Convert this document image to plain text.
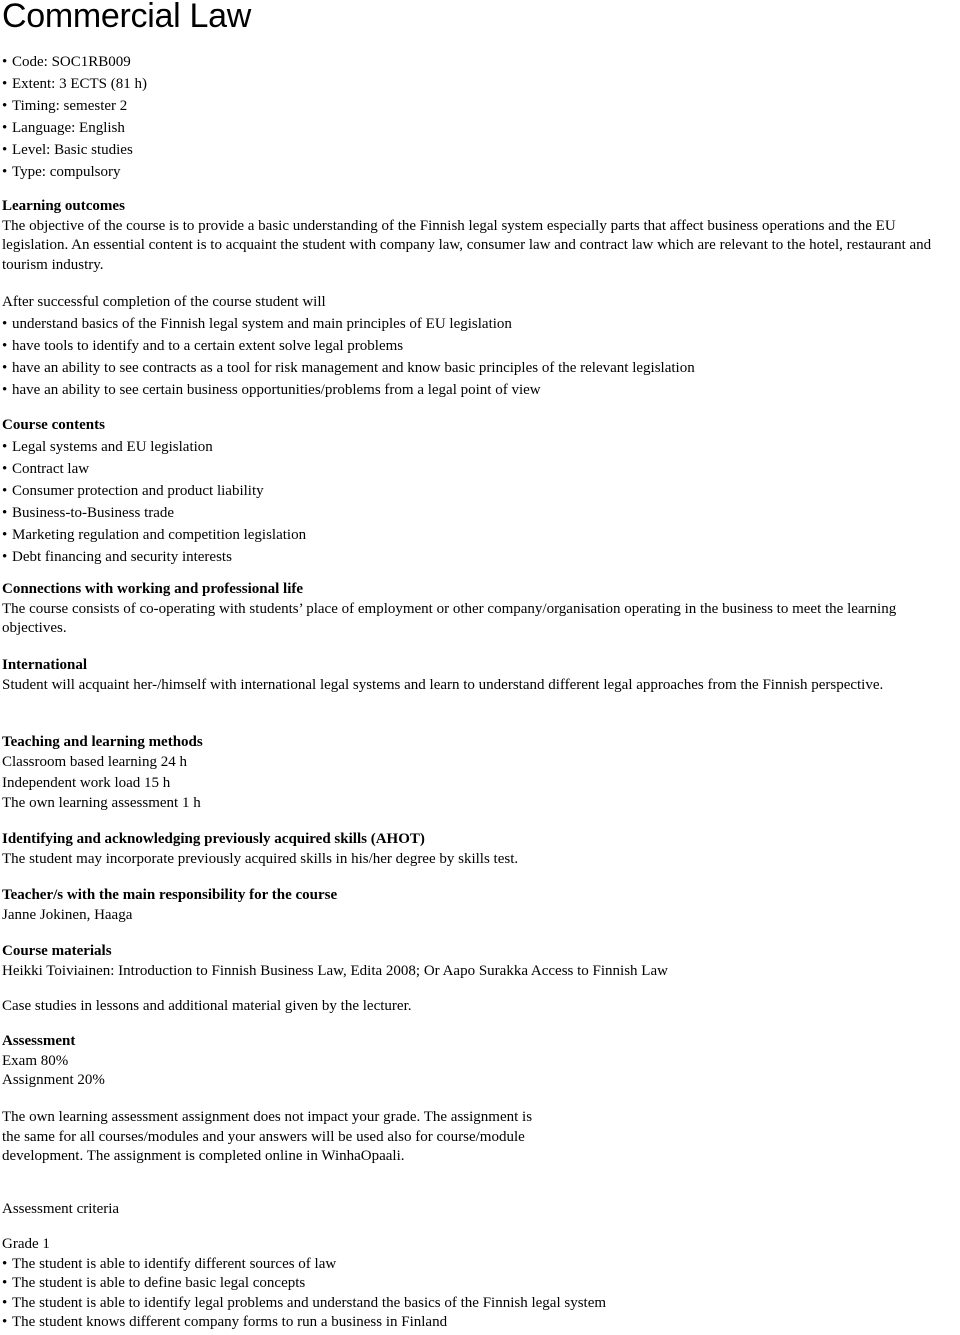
Commercial Law
• Code: SOC1RB009
• Extent: 3 ECTS (81 h)
• Timing: semester 2
• Language: English
• Level: Basic studies
• Type: compulsory

Learning outcomes

The objective of the course is to provide a basic understanding of the Finnish legal system especially parts that affect business operations and the EU legislation. An essential content is to acquaint the student with company law, consumer law and contract law which are relevant to the hotel, restaurant and tourism industry.

After successful completion of the course student will

• understand basics of the Finnish legal system and main principles of EU legislation
• have tools to identify and to a certain extent solve legal problems
• have an ability to see contracts as a tool for risk management and know basic principles of the relevant legislation
• have an ability to see certain business opportunities/problems from a legal point of view

Course contents

• Legal systems and EU legislation
• Contract law
• Consumer protection and product liability
• Business-to-Business trade
• Marketing regulation and competition legislation
• Debt financing and security interests

Connections with working and professional life

The course consists of co-operating with students’ place of employment or other company/organisation operating in the business to meet the learning objectives.

International

Student will acquaint her-/himself with international legal systems and learn to understand different legal approaches from the Finnish perspective.

Teaching and learning methods

Classroom based learning 24 h

Independent work load 15 h

The own learning assessment 1 h

Identifying and acknowledging previously acquired skills (AHOT)

The student may incorporate previously acquired skills in his/her degree by skills test.

Teacher/s with the main responsibility for the course

Janne Jokinen, Haaga

Course materials

Heikki Toiviainen: Introduction to Finnish Business Law, Edita 2008; Or Aapo Surakka Access to Finnish Law

Case studies in lessons and additional material given by the lecturer.

Assessment

Exam 80%

Assignment 20%

The own learning assessment assignment does not impact your grade. The assignment is the same for all courses/modules and your answers will be used also for course/module development. The assignment is completed online in WinhaOpaali.

Assessment criteria

Grade 1

• The student is able to identify different sources of law
• The student is able to define basic legal concepts
• The student is able to identify legal problems and understand the basics of the Finnish legal system
• The student knows different company forms to run a business in Finland
